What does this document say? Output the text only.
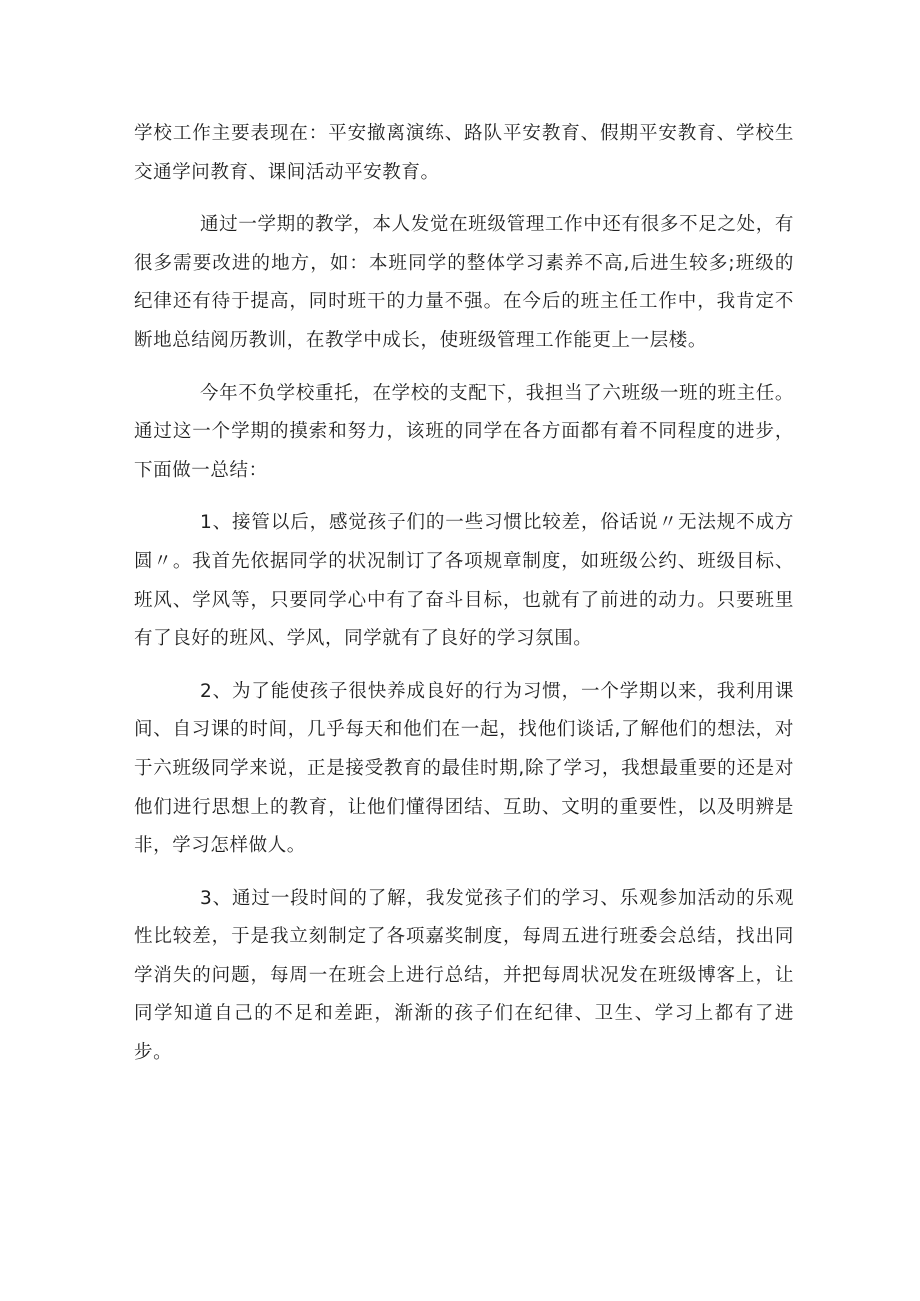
学校工作主要表现在：平安撤离演练、路队平安教育、假期平安教育、学校生交通学问教育、课间活动平安教育。

通过一学期的教学，本人发觉在班级管理工作中还有很多不足之处，有很多需要改进的地方，如：本班同学的整体学习素养不高,后进生较多;班级的纪律还有待于提高，同时班干的力量不强。在今后的班主任工作中，我肯定不断地总结阅历教训，在教学中成长，使班级管理工作能更上一层楼。

今年不负学校重托，在学校的支配下，我担当了六班级一班的班主任。通过这一个学期的摸索和努力，该班的同学在各方面都有着不同程度的进步，下面做一总结：

1、接管以后，感觉孩子们的一些习惯比较差，俗话说〃无法规不成方圆〃。我首先依据同学的状况制订了各项规章制度，如班级公约、班级目标、班风、学风等，只要同学心中有了奋斗目标，也就有了前进的动力。只要班里有了良好的班风、学风，同学就有了良好的学习氛围。

2、为了能使孩子很快养成良好的行为习惯，一个学期以来，我利用课间、自习课的时间，几乎每天和他们在一起，找他们谈话,了解他们的想法，对于六班级同学来说，正是接受教育的最佳时期,除了学习，我想最重要的还是对他们进行思想上的教育，让他们懂得团结、互助、文明的重要性，以及明辨是非，学习怎样做人。

3、通过一段时间的了解，我发觉孩子们的学习、乐观参加活动的乐观性比较差，于是我立刻制定了各项嘉奖制度，每周五进行班委会总结，找出同学消失的问题，每周一在班会上进行总结，并把每周状况发在班级博客上，让同学知道自己的不足和差距，渐渐的孩子们在纪律、卫生、学习上都有了进步。
